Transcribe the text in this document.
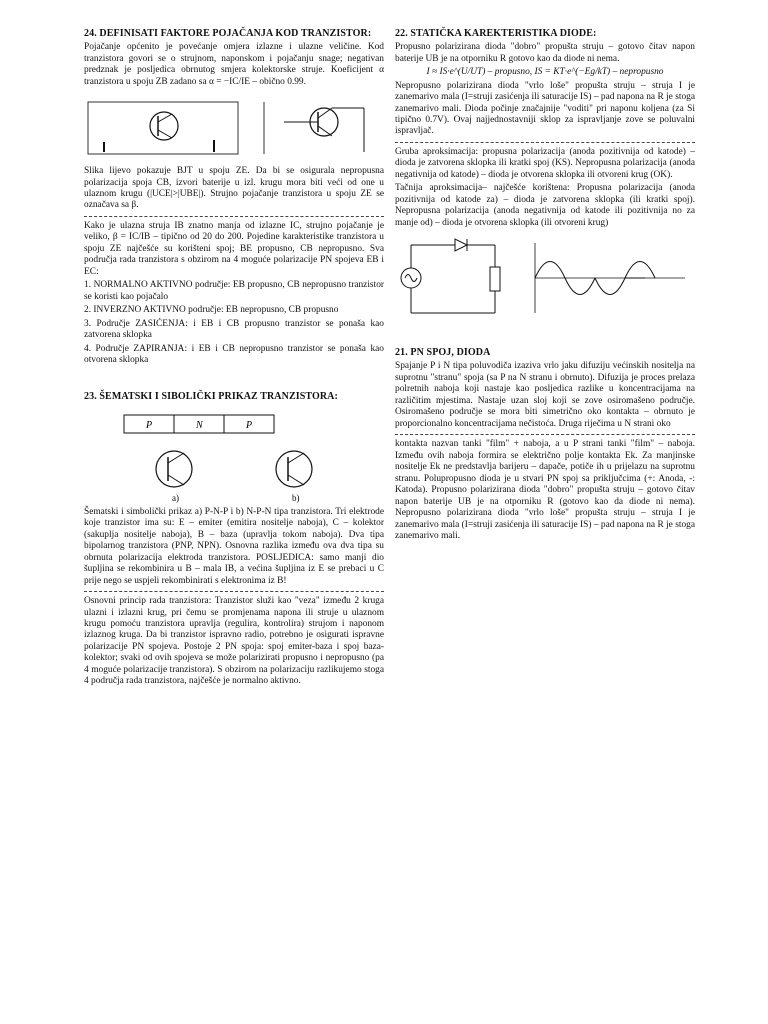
24. DEFINISATI FAKTORE POJAČANJA KOD TRANZISTOR:

Pojačanje općenito je povećanje omjera izlazne i ulazne veličine. Kod tranzistora govori se o strujnom, naponskom i pojačanju snage; negativan predznak je posljedica obrnutog smjera kolektorske struje. Koeficijent α tranzistora u spoju ZB zadano sa α = −IC/IE – obično 0.99.

Slika lijevo pokazuje BJT u spoju ZE. Da bi se osigurala nepropusna polarizacija spoja CB, izvori baterije u izl. krugu mora biti veći od one u ulaznom krugu (|UCE|>|UBE|). Strujno pojačanje tranzistora u spoju ZE se označava sa β.

Kako je ulazna struja IB znatno manja od izlazne IC, strujno pojačanje je veliko, β = IC/IB – tipično od 20 do 200. Pojedine karakteristike tranzistora u spoju ZE najčešće su korišteni spoj; BE propusno, CB nepropusno. Sva područja rada tranzistora s obzirom na 4 moguće polarizacije PN spojeva EB i EC:

1. NORMALNO AKTIVNO područje: EB propusno, CB nepropusno tranzistor se koristi kao pojačalo

2. INVERZNO AKTIVNO područje: EB nepropusno, CB propusno

3. Područje ZASIĆENJA: i EB i CB propusno tranzistor se ponaša kao zatvorena sklopka

4. Područje ZAPIRANJA: i EB i CB nepropusno tranzistor se ponaša kao otvorena sklopka

23. ŠEMATSKI I SIBOLIČKI PRIKAZ TRANZISTORA:
P	N	P
a)	b)

Šematski i simbolički prikaz a) P-N-P i b) N-P-N tipa tranzistora. Tri elektrode koje tranzistor ima su: E – emiter (emitira nositelje naboja), C – kolektor (sakuplja nositelje naboja), B – baza (upravlja tokom naboja). Dva tipa bipolarnog tranzistora (PNP, NPN). Osnovna razlika između ova dva tipa su obrnuta polarizacija elektroda tranzistora. POSLJEDICA: samo manji dio šupljina se rekombinira u B – mala IB, a većina šupljina iz E se prebaci u C prije nego se uspjeli rekombinirati s elektronima iz B!

Osnovni princip rada tranzistora: Tranzistor služi kao "veza" između 2 kruga ulazni i izlazni krug, pri čemu se promjenama napona ili struje u ulaznom krugu pomoću tranzistora upravlja (regulira, kontrolira) strujom i naponom izlaznog kruga. Da bi tranzistor ispravno radio, potrebno je osigurati ispravne polarizacije PN spojeva. Postoje 2 PN spoja: spoj emiter-baza i spoj baza-kolektor; svaki od ovih spojeva se može polarizirati propusno i nepropusno (pa 4 moguće polarizacije tranzistora). S obzirom na polarizaciju razlikujemo stoga 4 područja rada tranzistora, najčešće je normalno aktivno.

22. STATIČKA KAREKTERISTIKA DIODE:

Propusno polarizirana dioda "dobro" propušta struju – gotovo čitav napon baterije UB je na otporniku R gotovo kao da diode ni nema.

I ≈ IS·e^(U/UT) – propusno, IS = KT·e^(−Eg/kT) – nepropusno

Nepropusno polarizirana dioda "vrlo loše" propušta struju – struja I je zanemarivo mala (I=struji zasićenja ili saturacije IS) – pad napona na R je stoga zanemarivo mali. Dioda počinje značajnije "voditi" pri naponu koljena (za Si tipično 0.7V). Ovaj najjednostavniji sklop za ispravljanje zove se poluvalni ispravljač.

Gruba aproksimacija: propusna polarizacija (anoda pozitivnija od katode) – dioda je zatvorena sklopka ili kratki spoj (KS). Nepropusna polarizacija (anoda negativnija od katode) – dioda je otvorena sklopka ili otvoreni krug (OK).

Tačnija aproksimacija– najčešće korištena: Propusna polarizacija (anoda pozitivnija od katode za) – dioda je zatvorena sklopka (ili kratki spoj). Nepropusna polarizacija (anoda negativnija od katode ili pozitivnija no za manje od) – dioda je otvorena sklopka (ili otvoreni krug)

21. PN SPOJ, DIODA

Spajanje P i N tipa poluvodiča izaziva vrlo jaku difuziju većinskih nositelja na suprotnu "stranu" spoja (sa P na N stranu i obrnuto). Difuzija je proces prelaza polretnih naboja koji nastaje kao posljedica razlike u koncentracijama na različitim mjestima. Nastaje uzan sloj koji se zove osiromašeno područje. Osiromašeno područje se mora biti simetrično oko kontakta – obrnuto je proporcionalno koncentracijama nečistoća. Druga riječima u N strani oko

kontakta nazvan tanki "film" + naboja, a u P strani tanki "film" – naboja. Između ovih naboja formira se električno polje kontakta Ek. Za manjinske nositelje Ek ne predstavlja barijeru – dapače, potiče ih u prijelazu na suprotnu stranu. Polupropusno dioda je u stvari PN spoj sa priključcima (+: Anoda, -: Katoda). Propusno polarizirana dioda "dobro" propušta struju – gotovo čitav napon baterije UB je na otporniku R (gotovo kao da diode ni nema). Nepropusno polarizirana dioda "vrlo loše" propušta struju – struja I je zanemarivo mala (I=struji zasićenja ili saturacije IS) – pad napona na R je stoga zanemarivo mali.
